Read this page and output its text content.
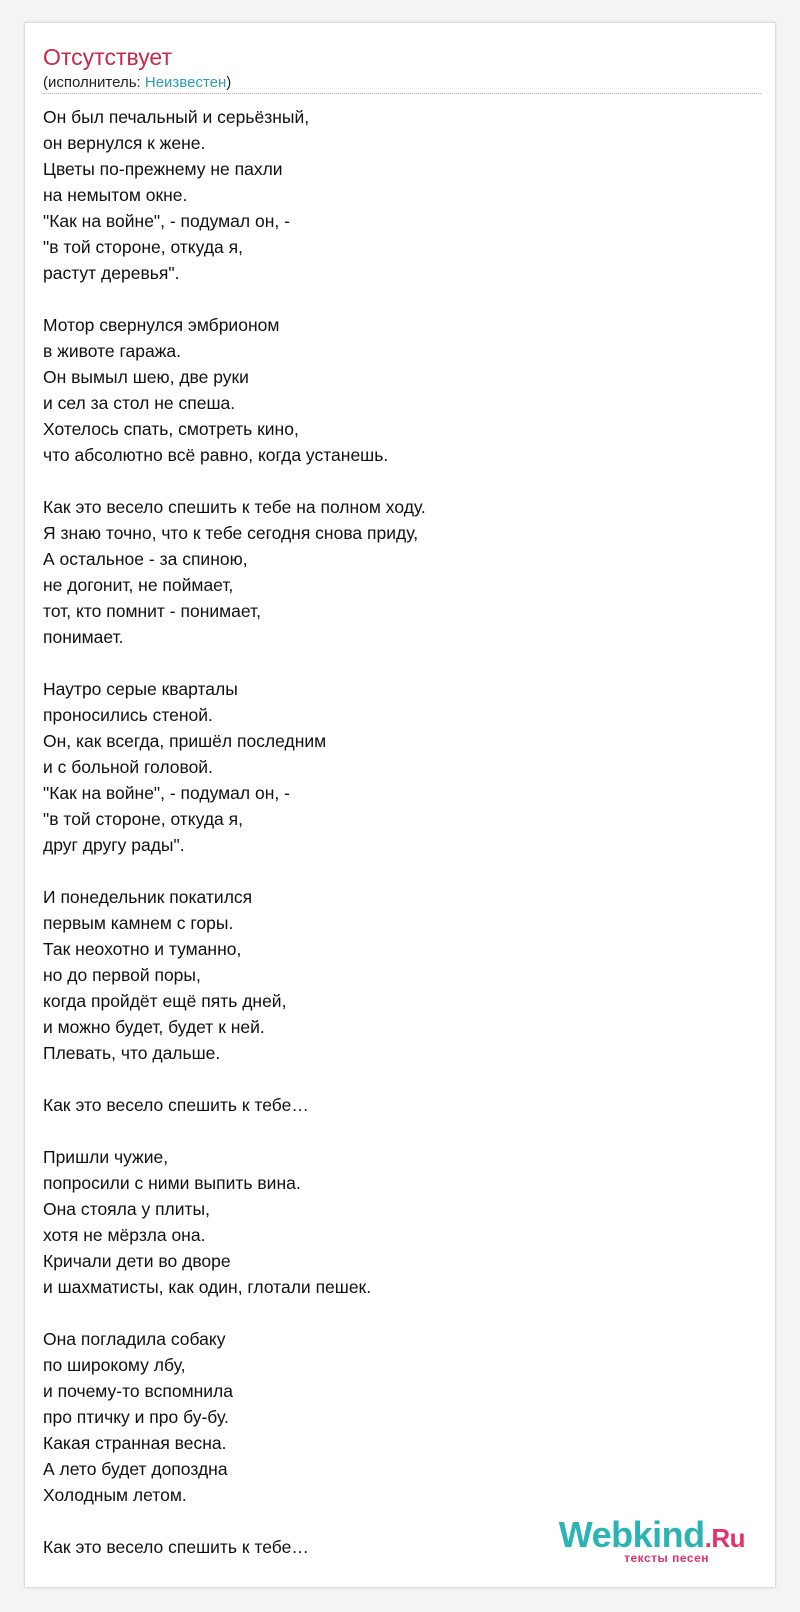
Отсутствует
(исполнитель: Неизвестен)
Он был печальный и серьёзный,
он вернулся к жене.
Цветы по-прежнему не пахли
на немытом окне.
"Как на войне", - подумал он, -
"в той стороне, откуда я,
растут деревья".
Мотор свернулся эмбрионом
в животе гаража.
Он вымыл шею, две руки
и сел за стол не спеша.
Хотелось спать, смотреть кино,
что абсолютно всё равно, когда устанешь.
Как это весело спешить к тебе на полном ходу.
Я знаю точно, что к тебе сегодня снова приду,
А остальное - за спиною,
не догонит, не поймает,
тот, кто помнит - понимает,
понимает.
Наутро серые кварталы
проносились стеной.
Он, как всегда, пришёл последним
и с больной головой.
"Как на войне", - подумал он, -
"в той стороне, откуда я,
друг другу рады".
И понедельник покатился
первым камнем с горы.
Так неохотно и туманно,
но до первой поры,
когда пройдёт ещё пять дней,
и можно будет, будет к ней.
Плевать, что дальше.
Как это весело спешить к тебе…
Пришли чужие,
попросили с ними выпить вина.
Она стояла у плиты,
хотя не мёрзла она.
Кричали дети во дворе
и шахматисты, как один, глотали пешек.
Она погладила собаку
по широкому лбу,
и почему-то вспомнила
про птичку и про бу-бу.
Какая странная весна.
А лето будет допоздна
Холодным летом.
Как это весело спешить к тебе…	Webkind.Ru
тексты песен
